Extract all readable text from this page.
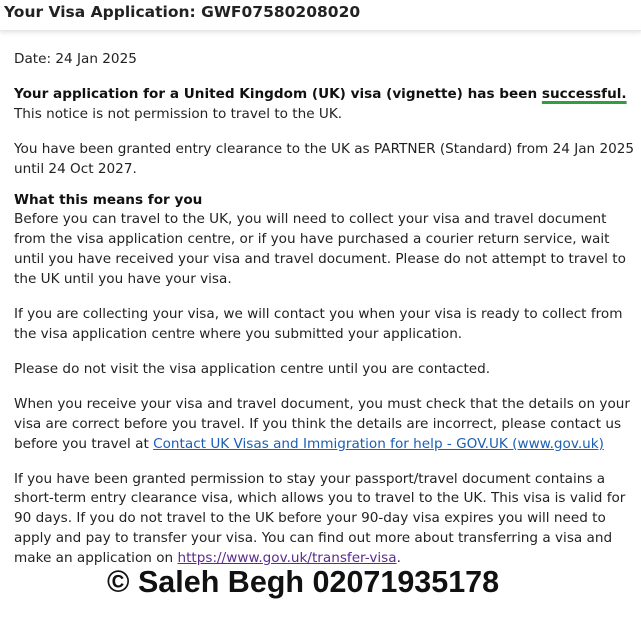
Your Visa Application: GWF07580208020

Date: 24 Jan 2025

Your application for a United Kingdom (UK) visa (vignette) has been successful.

This notice is not permission to travel to the UK.

You have been granted entry clearance to the UK as PARTNER (Standard) from 24 Jan 2025 until 24 Oct 2027.

What this means for you

Before you can travel to the UK, you will need to collect your visa and travel document from the visa application centre, or if you have purchased a courier return service, wait until you have received your visa and travel document. Please do not attempt to travel to the UK until you have your visa.

If you are collecting your visa, we will contact you when your visa is ready to collect from the visa application centre where you submitted your application.

Please do not visit the visa application centre until you are contacted.

When you receive your visa and travel document, you must check that the details on your visa are correct before you travel. If you think the details are incorrect, please contact us before you travel at Contact UK Visas and Immigration for help - GOV.UK (www.gov.uk)

If you have been granted permission to stay your passport/travel document contains a short-term entry clearance visa, which allows you to travel to the UK. This visa is valid for 90 days. If you do not travel to the UK before your 90-day visa expires you will need to apply and pay to transfer your visa. You can find out more about transferring a visa and make an application on https://www.gov.uk/transfer-visa.

© Saleh Begh 02071935178
